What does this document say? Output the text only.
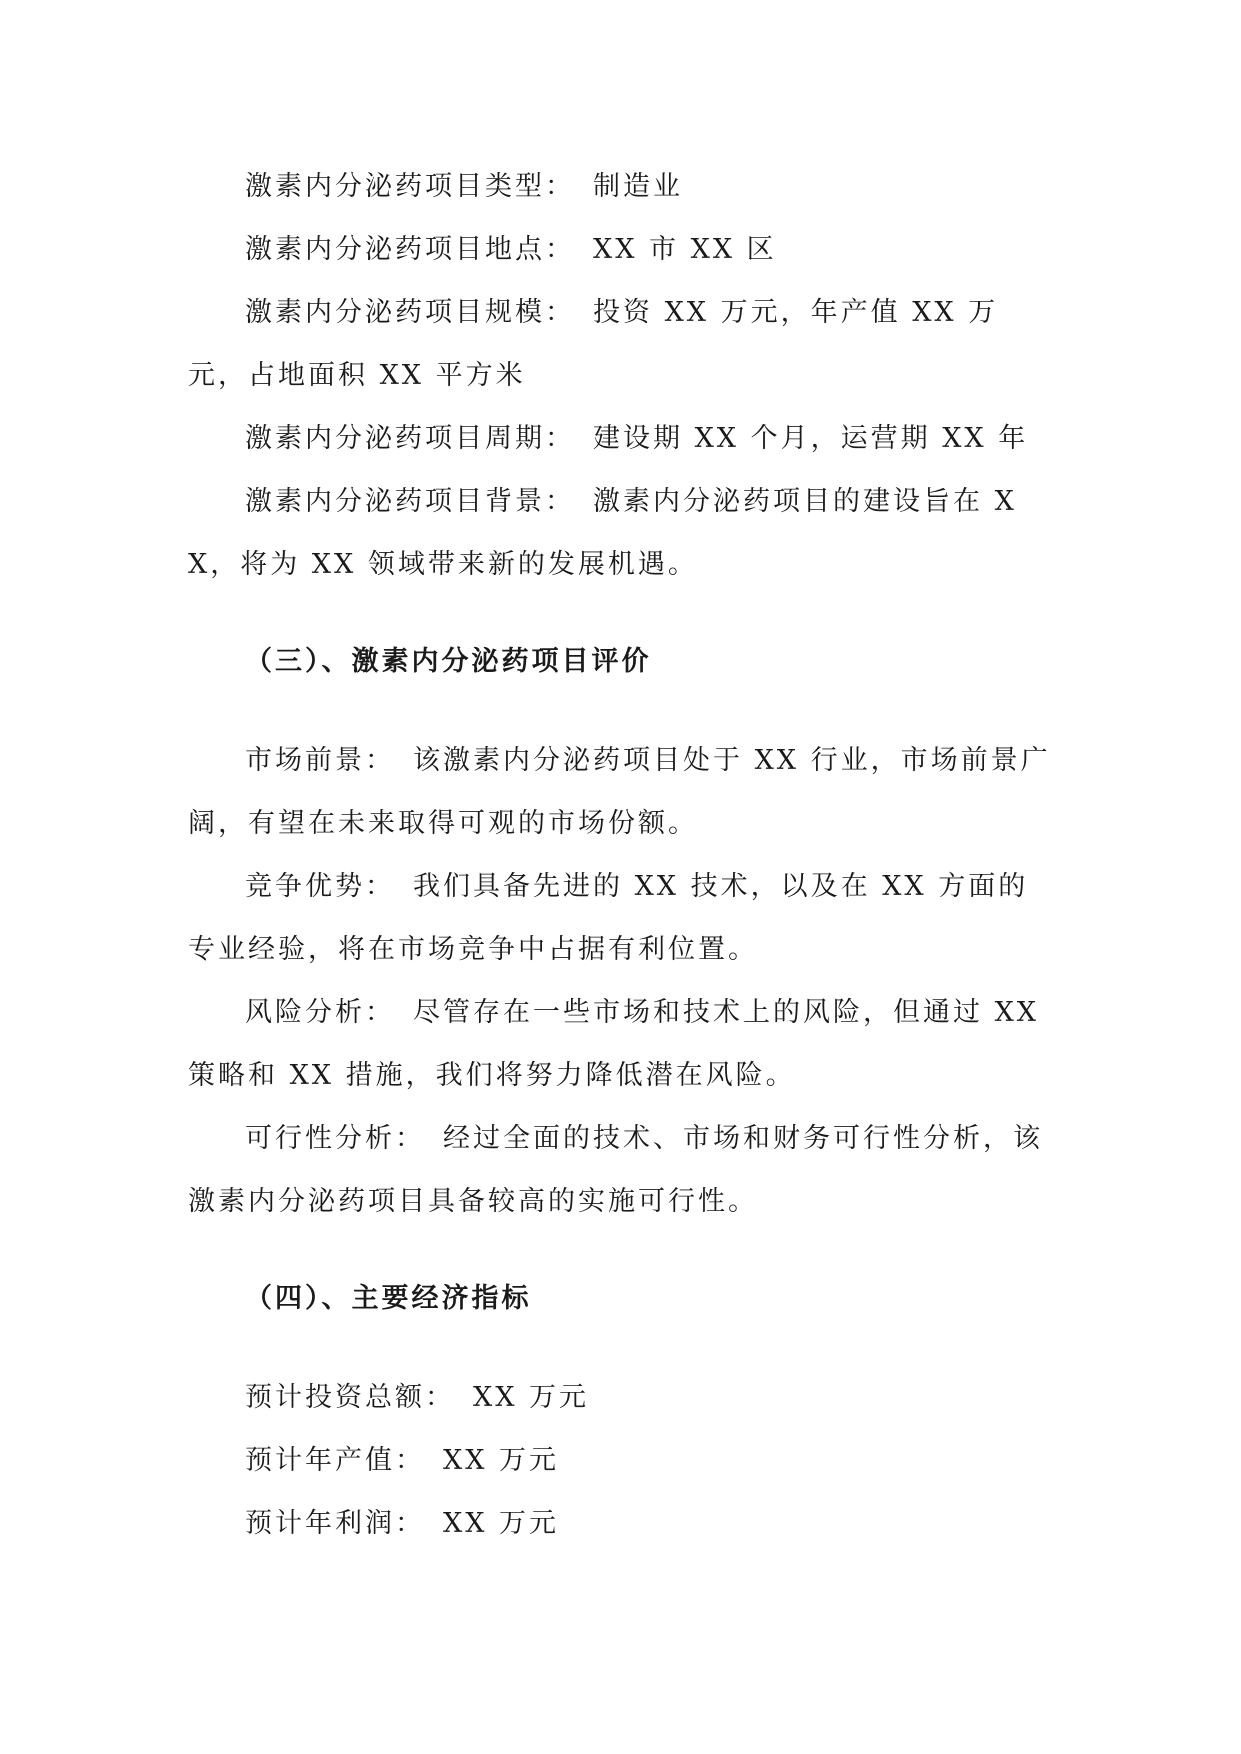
激素内分泌药项目类型： 制造业

激素内分泌药项目地点： XX 市 XX 区

激素内分泌药项目规模： 投资 XX 万元，年产值 XX 万元，占地面积 XX 平方米

激素内分泌药项目周期： 建设期 XX 个月，运营期 XX 年

激素内分泌药项目背景： 激素内分泌药项目的建设旨在 XX，将为 XX 领域带来新的发展机遇。

（三）、激素内分泌药项目评价

市场前景： 该激素内分泌药项目处于 XX 行业，市场前景广阔，有望在未来取得可观的市场份额。

竞争优势： 我们具备先进的 XX 技术，以及在 XX 方面的专业经验，将在市场竞争中占据有利位置。

风险分析： 尽管存在一些市场和技术上的风险，但通过 XX 策略和 XX 措施，我们将努力降低潜在风险。

可行性分析： 经过全面的技术、市场和财务可行性分析，该激素内分泌药项目具备较高的实施可行性。

（四）、主要经济指标

预计投资总额： XX 万元

预计年产值： XX 万元

预计年利润： XX 万元
